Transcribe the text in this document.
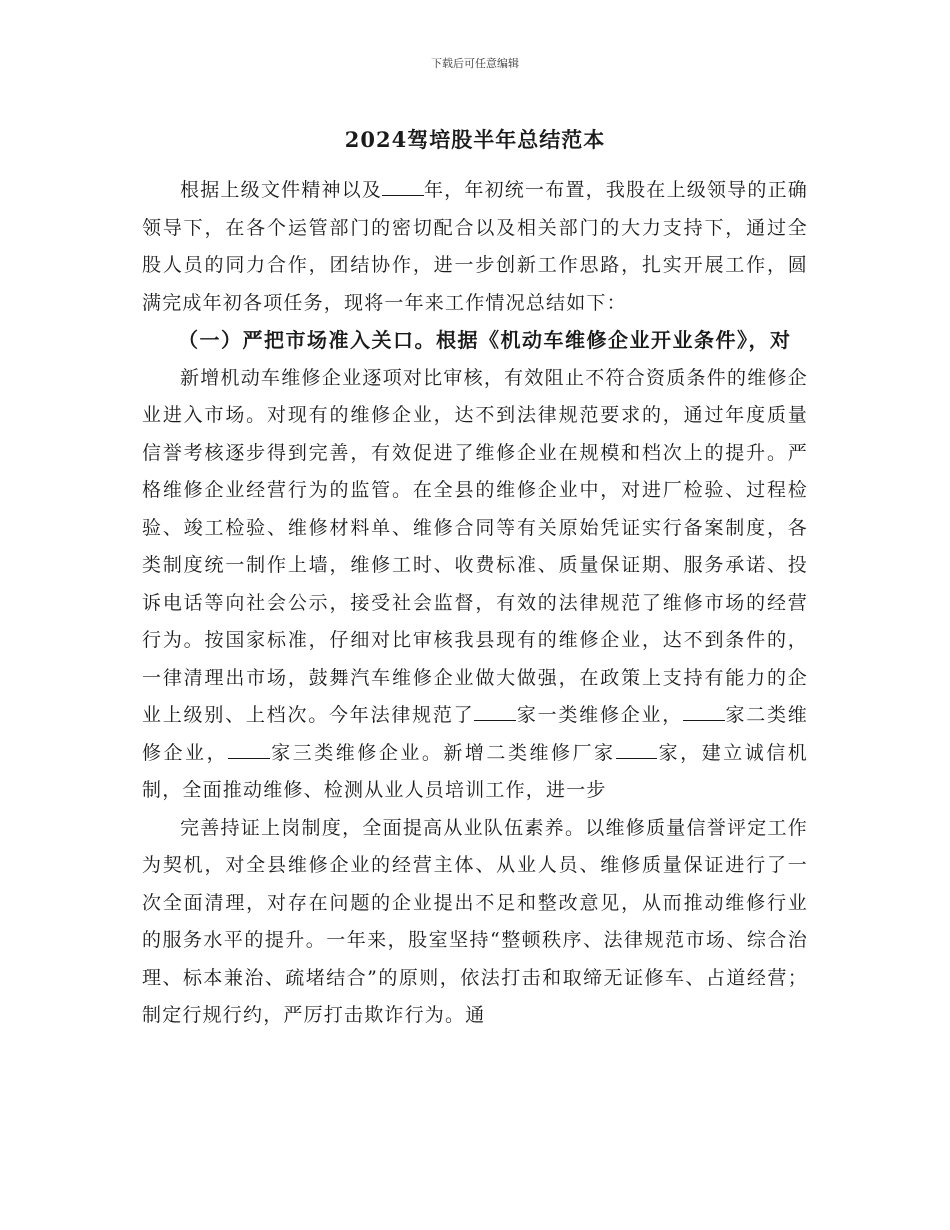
下载后可任意编辑
2024驾培股半年总结范本

根据上级文件精神以及 年，年初统一布置，我股在上级领导的正确领导下，在各个运管部门的密切配合以及相关部门的大力支持下，通过全股人员的同力合作，团结协作，进一步创新工作思路，扎实开展工作，圆满完成年初各项任务，现将一年来工作情况总结如下：

（一）严把市场准入关口。根据《机动车维修企业开业条件》，对

新增机动车维修企业逐项对比审核，有效阻止不符合资质条件的维修企业进入市场。对现有的维修企业，达不到法律规范要求的，通过年度质量信誉考核逐步得到完善，有效促进了维修企业在规模和档次上的提升。严格维修企业经营行为的监管。在全县的维修企业中，对进厂检验、过程检验、竣工检验、维修材料单、维修合同等有关原始凭证实行备案制度，各类制度统一制作上墙，维修工时、收费标准、质量保证期、服务承诺、投诉电话等向社会公示，接受社会监督，有效的法律规范了维修市场的经营行为。按国家标准，仔细对比审核我县现有的维修企业，达不到条件的，一律清理出市场，鼓舞汽车维修企业做大做强，在政策上支持有能力的企业上级别、上档次。今年法律规范了 家一类维修企业， 家二类维修企业， 家三类维修企业。新增二类维修厂家 家，建立诚信机制，全面推动维修、检测从业人员培训工作，进一步

完善持证上岗制度，全面提高从业队伍素养。以维修质量信誉评定工作为契机，对全县维修企业的经营主体、从业人员、维修质量保证进行了一次全面清理，对存在问题的企业提出不足和整改意见，从而推动维修行业的服务水平的提升。一年来，股室坚持“整顿秩序、法律规范市场、综合治理、标本兼治、疏堵结合”的原则，依法打击和取缔无证修车、占道经营；制定行规行约，严厉打击欺诈行为。通
